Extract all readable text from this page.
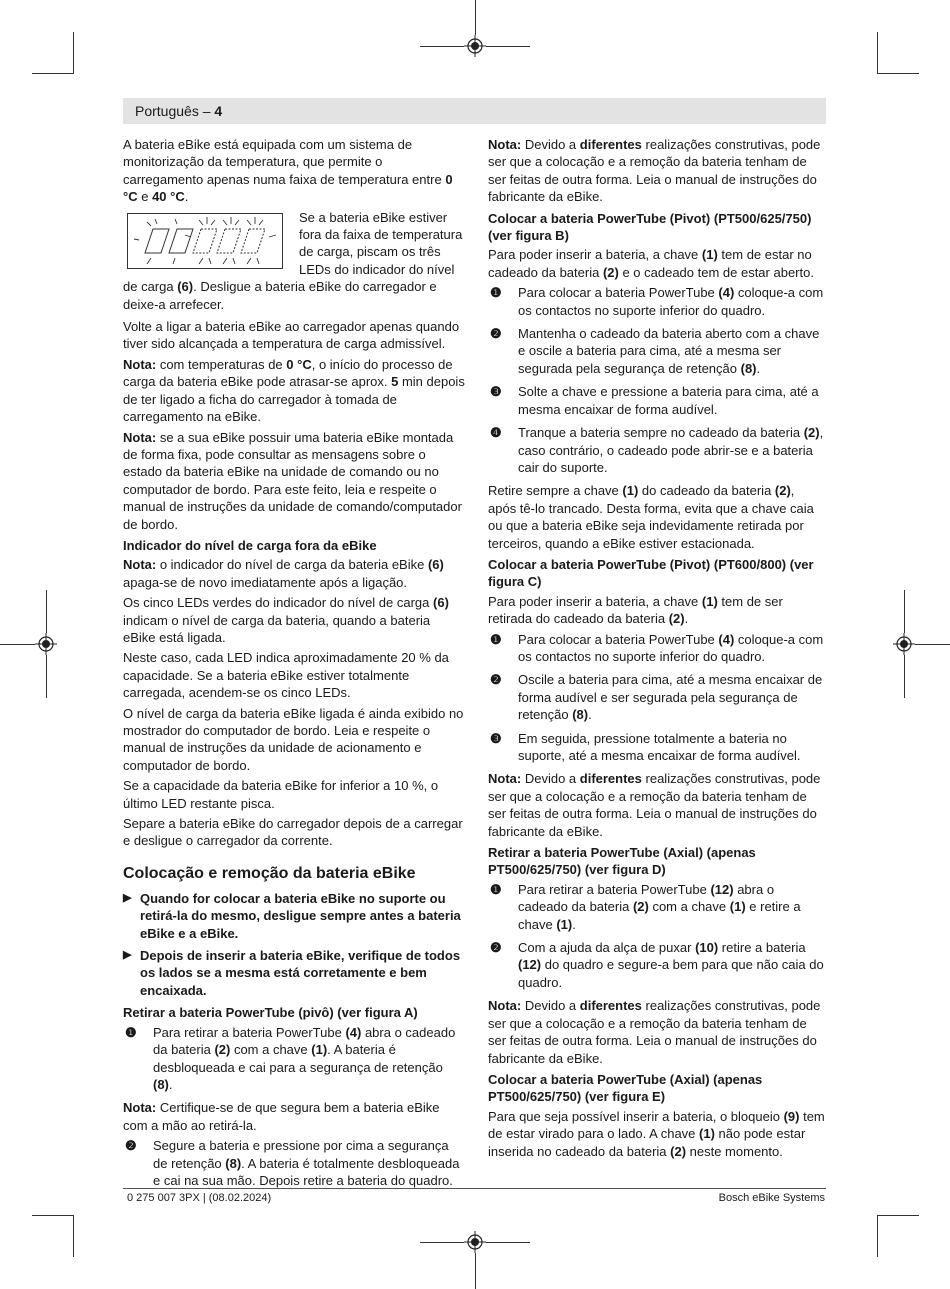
Português – 4

A bateria eBike está equipada com um sistema de monitorização da temperatura, que permite o carregamento apenas numa faixa de temperatura entre 0 °C e 40 °C.

Se a bateria eBike estiver fora da faixa de temperatura de carga, piscam os três LEDs do indicador do nível de carga (6). Desligue a bateria eBike do carregador e deixe-a arrefecer.

Volte a ligar a bateria eBike ao carregador apenas quando tiver sido alcançada a temperatura de carga admissível.

Nota: com temperaturas de 0 °C, o início do processo de carga da bateria eBike pode atrasar-se aprox. 5 min depois de ter ligado a ficha do carregador à tomada de carregamento na eBike.

Nota: se a sua eBike possuir uma bateria eBike montada de forma fixa, pode consultar as mensagens sobre o estado da bateria eBike na unidade de comando ou no computador de bordo. Para este feito, leia e respeite o manual de instruções da unidade de comando/computador de bordo.

Indicador do nível de carga fora da eBike

Nota: o indicador do nível de carga da bateria eBike (6) apaga-se de novo imediatamente após a ligação.

Os cinco LEDs verdes do indicador do nível de carga (6) indicam o nível de carga da bateria, quando a bateria eBike está ligada.

Neste caso, cada LED indica aproximadamente 20 % da capacidade. Se a bateria eBike estiver totalmente carregada, acendem-se os cinco LEDs.

O nível de carga da bateria eBike ligada é ainda exibido no mostrador do computador de bordo. Leia e respeite o manual de instruções da unidade de acionamento e computador de bordo.

Se a capacidade da bateria eBike for inferior a 10 %, o último LED restante pisca.

Separe a bateria eBike do carregador depois de a carregar e desligue o carregador da corrente.

Colocação e remoção da bateria eBike
▶ Quando for colocar a bateria eBike no suporte ou retirá-la do mesmo, desligue sempre antes a bateria eBike e a eBike.
▶ Depois de inserir a bateria eBike, verifique de todos os lados se a mesma está corretamente e bem encaixada.
Retirar a bateria PowerTube (pivô) (ver figura A)
❶ Para retirar a bateria PowerTube (4) abra o cadeado da bateria (2) com a chave (1). A bateria é desbloqueada e cai para a segurança de retenção (8).

Nota: Certifique-se de que segura bem a bateria eBike com a mão ao retirá-la.

❷ Segure a bateria e pressione por cima a segurança de retenção (8). A bateria é totalmente desbloqueada e cai na sua mão. Depois retire a bateria do quadro.

Nota: Devido a diferentes realizações construtivas, pode ser que a colocação e a remoção da bateria tenham de ser feitas de outra forma. Leia o manual de instruções do fabricante da eBike.

Colocar a bateria PowerTube (Pivot) (PT500/625/750) (ver figura B)

Para poder inserir a bateria, a chave (1) tem de estar no cadeado da bateria (2) e o cadeado tem de estar aberto.

❶ Para colocar a bateria PowerTube (4) coloque-a com os contactos no suporte inferior do quadro.
❷ Mantenha o cadeado da bateria aberto com a chave e oscile a bateria para cima, até a mesma ser segurada pela segurança de retenção (8).
❸ Solte a chave e pressione a bateria para cima, até a mesma encaixar de forma audível.
❹ Tranque a bateria sempre no cadeado da bateria (2), caso contrário, o cadeado pode abrir-se e a bateria cair do suporte.

Retire sempre a chave (1) do cadeado da bateria (2), após tê-lo trancado. Desta forma, evita que a chave caia ou que a bateria eBike seja indevidamente retirada por terceiros, quando a eBike estiver estacionada.

Colocar a bateria PowerTube (Pivot) (PT600/800) (ver figura C)

Para poder inserir a bateria, a chave (1) tem de ser retirada do cadeado da bateria (2).

❶ Para colocar a bateria PowerTube (4) coloque-a com os contactos no suporte inferior do quadro.
❷ Oscile a bateria para cima, até a mesma encaixar de forma audível e ser segurada pela segurança de retenção (8).
❸ Em seguida, pressione totalmente a bateria no suporte, até a mesma encaixar de forma audível.

Nota: Devido a diferentes realizações construtivas, pode ser que a colocação e a remoção da bateria tenham de ser feitas de outra forma. Leia o manual de instruções do fabricante da eBike.

Retirar a bateria PowerTube (Axial) (apenas PT500/625/750) (ver figura D)
❶ Para retirar a bateria PowerTube (12) abra o cadeado da bateria (2) com a chave (1) e retire a chave (1).
❷ Com a ajuda da alça de puxar (10) retire a bateria (12) do quadro e segure-a bem para que não caia do quadro.

Nota: Devido a diferentes realizações construtivas, pode ser que a colocação e a remoção da bateria tenham de ser feitas de outra forma. Leia o manual de instruções do fabricante da eBike.

Colocar a bateria PowerTube (Axial) (apenas PT500/625/750) (ver figura E)

Para que seja possível inserir a bateria, o bloqueio (9) tem de estar virado para o lado. A chave (1) não pode estar inserida no cadeado da bateria (2) neste momento.

0 275 007 3PX | (08.02.2024)	Bosch eBike Systems
